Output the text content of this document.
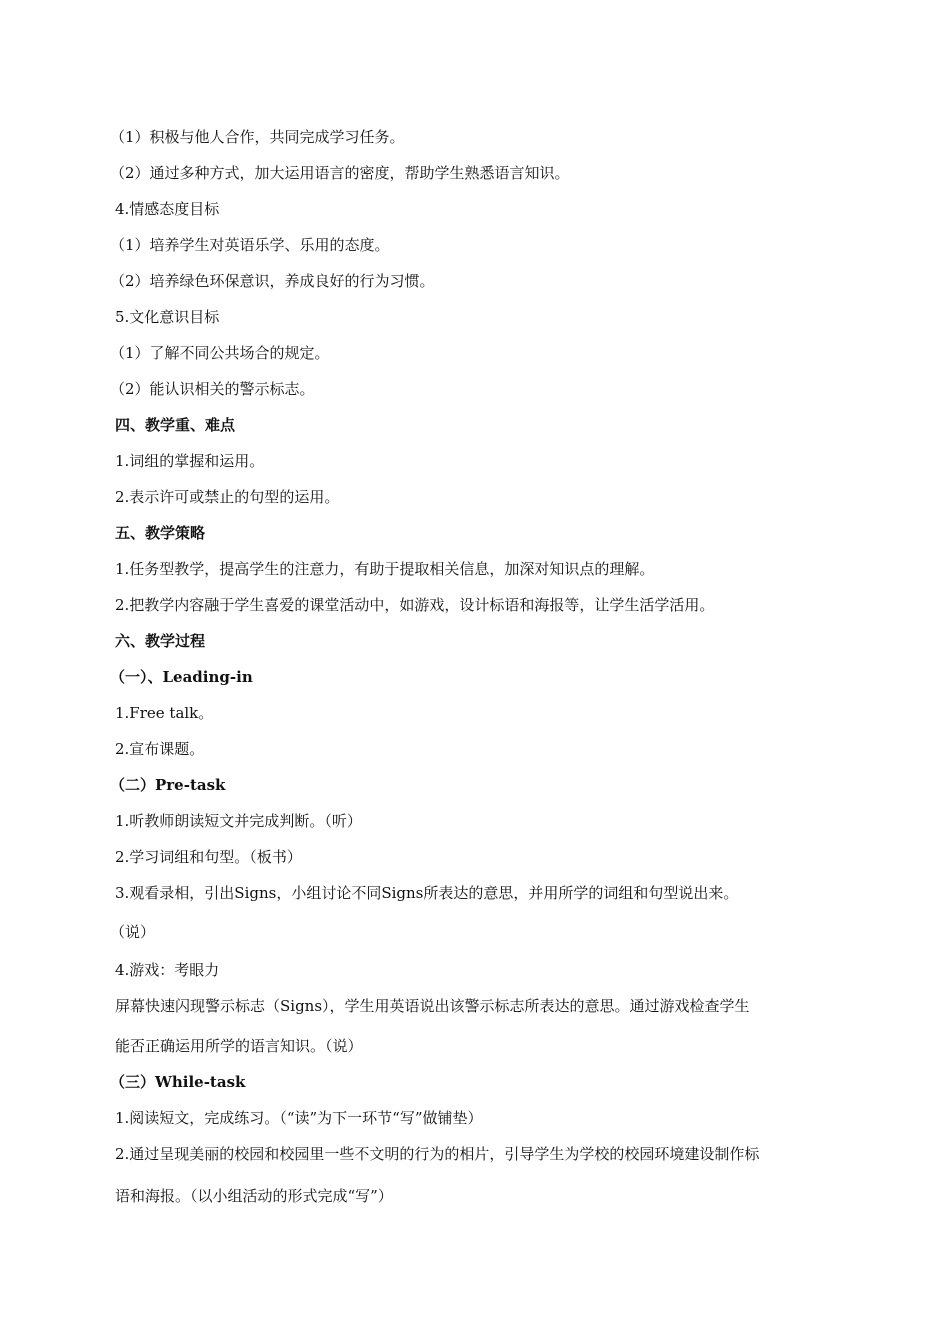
（1）积极与他人合作，共同完成学习任务。
（2）通过多种方式，加大运用语言的密度，帮助学生熟悉语言知识。
4.情感态度目标
（1）培养学生对英语乐学、乐用的态度。
（2）培养绿色环保意识，养成良好的行为习惯。
5.文化意识目标
（1）了解不同公共场合的规定。
（2）能认识相关的警示标志。
四、教学重、难点
1.词组的掌握和运用。
2.表示许可或禁止的句型的运用。
五、教学策略
1.任务型教学，提高学生的注意力，有助于提取相关信息，加深对知识点的理解。
2.把教学内容融于学生喜爱的课堂活动中，如游戏，设计标语和海报等，让学生活学活用。
六、教学过程
（一）、Leading-in
1.Free talk。
2.宣布课题。
（二）Pre-task
1.听教师朗读短文并完成判断。（听）
2.学习词组和句型。（板书）
3.观看录相，引出Signs，小组讨论不同Signs所表达的意思，并用所学的词组和句型说出来。
（说）
4.游戏：考眼力
屏幕快速闪现警示标志（Signs），学生用英语说出该警示标志所表达的意思。通过游戏检查学生
能否正确运用所学的语言知识。（说）
（三）While-task
1.阅读短文，完成练习。（“读”为下一环节“写”做铺垫）
2.通过呈现美丽的校园和校园里一些不文明的行为的相片，引导学生为学校的校园环境建设制作标
语和海报。（以小组活动的形式完成“写”）
